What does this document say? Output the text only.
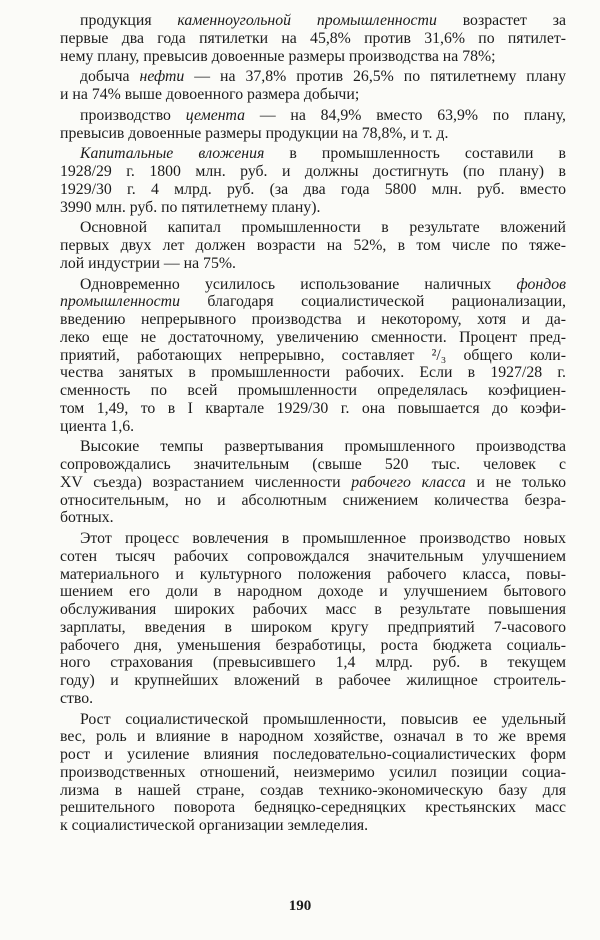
продукция каменноугольной промышленности возрастет за
первые два года пятилетки на 45,8% против 31,6% по пятилет-
нему плану, превысив довоенные размеры производства на 78%;
добыча нефти — на 37,8% против 26,5% по пятилетнему плану
и на 74% выше довоенного размера добычи;
производство цемента — на 84,9% вместо 63,9% по плану,
превысив довоенные размеры продукции на 78,8%, и т. д.
Капитальные вложения в промышленность составили в
1928/29 г. 1800 млн. руб. и должны достигнуть (по плану) в
1929/30 г. 4 млрд. руб. (за два года 5800 млн. руб. вместо
3990 млн. руб. по пятилетнему плану).
Основной капитал промышленности в результате вложений
первых двух лет должен возрасти на 52%, в том числе по тяже-
лой индустрии — на 75%.
Одновременно усилилось использование наличных фондов
промышленности благодаря социалистической рационализации,
введению непрерывного производства и некоторому, хотя и да-
леко еще не достаточному, увеличению сменности. Процент пред-
приятий, работающих непрерывно, составляет ²/₃ общего коли-
чества занятых в промышленности рабочих. Если в 1927/28 г.
сменность по всей промышленности определялась коэфициен-
том 1,49, то в I квартале 1929/30 г. она повышается до коэфи-
циента 1,6.
Высокие темпы развертывания промышленного производства
сопровождались значительным (свыше 520 тыс. человек с
XV съезда) возрастанием численности рабочего класса и не только
относительным, но и абсолютным снижением количества безра-
ботных.
Этот процесс вовлечения в промышленное производство новых
сотен тысяч рабочих сопровождался значительным улучшением
материального и культурного положения рабочего класса, повы-
шением его доли в народном доходе и улучшением бытового
обслуживания широких рабочих масс в результате повышения
зарплаты, введения в широком кругу предприятий 7-часового
рабочего дня, уменьшения безработицы, роста бюджета социаль-
ного страхования (превысившего 1,4 млрд. руб. в текущем
году) и крупнейших вложений в рабочее жилищное строитель-
ство.
Рост социалистической промышленности, повысив ее удельный
вес, роль и влияние в народном хозяйстве, означал в то же время
рост и усиление влияния последовательно-социалистических форм
производственных отношений, неизмеримо усилил позиции социа-
лизма в нашей стране, создав технико-экономическую базу для
решительного поворота бедняцко-середняцких крестьянских масс
к социалистической организации земледелия.
190
